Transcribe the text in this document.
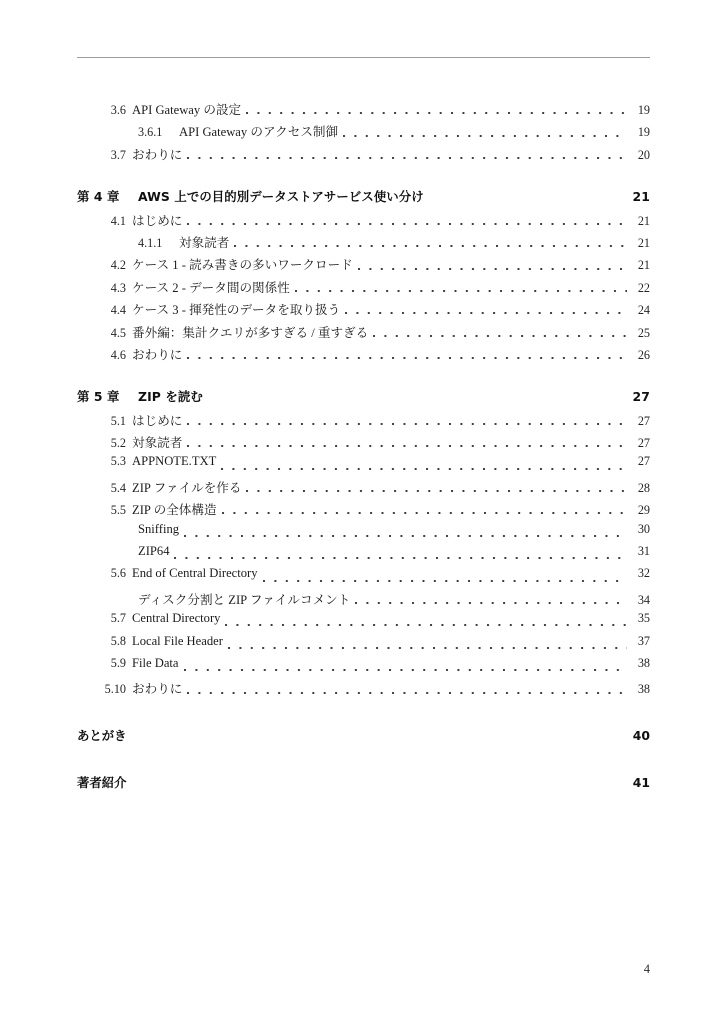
3.6 API Gateway の設定	19
3.6.1	API Gateway のアクセス制御	19
3.7 おわりに	20
第 4 章	AWS 上での目的別データストアサービス使い分け	21
4.1 はじめに	21
4.1.1	対象読者	21
4.2 ケース 1 - 読み書きの多いワークロード	21
4.3 ケース 2 - データ間の関係性	22
4.4 ケース 3 - 揮発性のデータを取り扱う	24
4.5 番外編：集計クエリが多すぎる / 重すぎる	25
4.6 おわりに	26
第 5 章	ZIP を読む	27
5.1 はじめに	27
5.2 対象読者	27
5.3 APPNOTE.TXT	27
5.4 ZIP ファイルを作る	28
5.5 ZIP の全体構造	29
Sniffing	30
ZIP64	31
5.6 End of Central Directory	32
ディスク分割と ZIP ファイルコメント	34
5.7 Central Directory	35
5.8 Local File Header	37
5.9 File Data	38
5.10 おわりに	38
あとがき	40
著者紹介	41
4
